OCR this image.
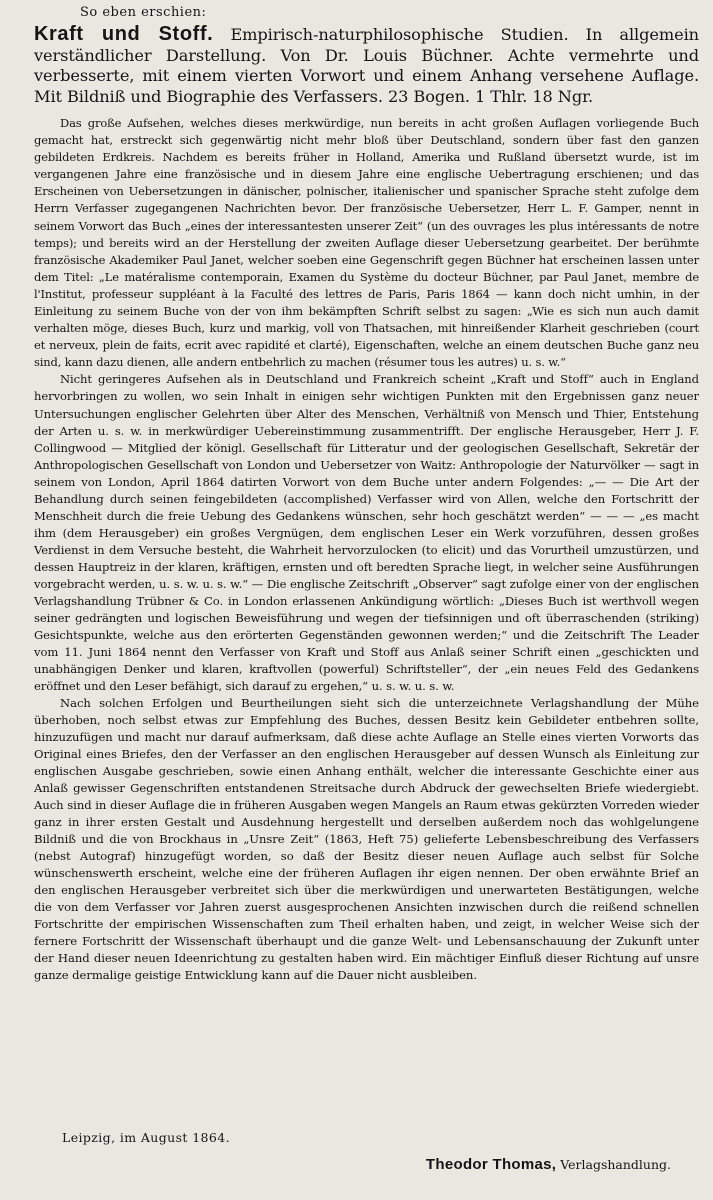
So eben erschien:
Kraft und Stoff. Empirisch-naturphilosophische Studien. In allgemein verständlicher Darstellung. Von Dr. Louis Büchner. Achte vermehrte und verbesserte, mit einem vierten Vorwort und einem Anhang versehene Auflage. Mit Bildniß und Biographie des Verfassers. 23 Bogen. 1 Thlr. 18 Ngr.

Das große Aufsehen, welches dieses merkwürdige, nun bereits in acht großen Auflagen vorliegende Buch gemacht hat, erstreckt sich gegenwärtig nicht mehr bloß über Deutschland, sondern über fast den ganzen gebildeten Erdkreis. Nachdem es bereits früher in Holland, Amerika und Rußland übersetzt wurde, ist im vergangenen Jahre eine französische und in diesem Jahre eine englische Uebertragung erschienen; und das Erscheinen von Uebersetzungen in dänischer, polnischer, italienischer und spanischer Sprache steht zufolge dem Herrn Verfasser zugegangenen Nachrichten bevor. Der französische Uebersetzer, Herr L. F. Gamper, nennt in seinem Vorwort das Buch „eines der interessantesten unserer Zeit“ (un des ouvrages les plus intéressants de notre temps); und bereits wird an der Herstellung der zweiten Auflage dieser Uebersetzung gearbeitet. Der berühmte französische Akademiker Paul Janet, welcher soeben eine Gegenschrift gegen Büchner hat erscheinen lassen unter dem Titel: „Le matéralisme contemporain, Examen du Système du docteur Büchner, par Paul Janet, membre de l'Institut, professeur suppléant à la Faculté des lettres de Paris, Paris 1864 — kann doch nicht umhin, in der Einleitung zu seinem Buche von der von ihm bekämpften Schrift selbst zu sagen: „Wie es sich nun auch damit verhalten möge, dieses Buch, kurz und markig, voll von Thatsachen, mit hinreißender Klarheit geschrieben (court et nerveux, plein de faits, ecrit avec rapidité et clarté), Eigenschaften, welche an einem deutschen Buche ganz neu sind, kann dazu dienen, alle andern entbehrlich zu machen (résumer tous les autres) u. s. w.“

Nicht geringeres Aufsehen als in Deutschland und Frankreich scheint „Kraft und Stoff“ auch in England hervorbringen zu wollen, wo sein Inhalt in einigen sehr wichtigen Punkten mit den Ergebnissen ganz neuer Untersuchungen englischer Gelehrten über Alter des Menschen, Verhältniß von Mensch und Thier, Entstehung der Arten u. s. w. in merkwürdiger Uebereinstimmung zusammentrifft. Der englische Herausgeber, Herr J. F. Collingwood — Mitglied der königl. Gesellschaft für Litteratur und der geologischen Gesellschaft, Sekretär der Anthropologischen Gesellschaft von London und Uebersetzer von Waitz: Anthropologie der Naturvölker — sagt in seinem von London, April 1864 datirten Vorwort von dem Buche unter andern Folgendes: „— — Die Art der Behandlung durch seinen feingebildeten (accomplished) Verfasser wird von Allen, welche den Fortschritt der Menschheit durch die freie Uebung des Gedankens wünschen, sehr hoch geschätzt werden“ — — — „es macht ihm (dem Herausgeber) ein großes Vergnügen, dem englischen Leser ein Werk vorzuführen, dessen großes Verdienst in dem Versuche besteht, die Wahrheit hervorzulocken (to elicit) und das Vorurtheil umzustürzen, und dessen Hauptreiz in der klaren, kräftigen, ernsten und oft beredten Sprache liegt, in welcher seine Ausführungen vorgebracht werden, u. s. w. u. s. w.“ — Die englische Zeitschrift „Observer“ sagt zufolge einer von der englischen Verlagshandlung Trübner & Co. in London erlassenen Ankündigung wörtlich: „Dieses Buch ist werthvoll wegen seiner gedrängten und logischen Beweisführung und wegen der tiefsinnigen und oft überraschenden (striking) Gesichtspunkte, welche aus den erörterten Gegenständen gewonnen werden;“ und die Zeitschrift The Leader vom 11. Juni 1864 nennt den Verfasser von Kraft und Stoff aus Anlaß seiner Schrift einen „geschickten und unabhängigen Denker und klaren, kraftvollen (powerful) Schriftsteller“, der „ein neues Feld des Gedankens eröffnet und den Leser befähigt, sich darauf zu ergehen,“ u. s. w. u. s. w.

Nach solchen Erfolgen und Beurtheilungen sieht sich die unterzeichnete Verlagshandlung der Mühe überhoben, noch selbst etwas zur Empfehlung des Buches, dessen Besitz kein Gebildeter entbehren sollte, hinzuzufügen und macht nur darauf aufmerksam, daß diese achte Auflage an Stelle eines vierten Vorworts das Original eines Briefes, den der Verfasser an den englischen Herausgeber auf dessen Wunsch als Einleitung zur englischen Ausgabe geschrieben, sowie einen Anhang enthält, welcher die interessante Geschichte einer aus Anlaß gewisser Gegenschriften entstandenen Streitsache durch Abdruck der gewechselten Briefe wiedergiebt. Auch sind in dieser Auflage die in früheren Ausgaben wegen Mangels an Raum etwas gekürzten Vorreden wieder ganz in ihrer ersten Gestalt und Ausdehnung hergestellt und derselben außerdem noch das wohlgelungene Bildniß und die von Brockhaus in „Unsre Zeit“ (1863, Heft 75) gelieferte Lebensbeschreibung des Verfassers (nebst Autograf) hinzugefügt worden, so daß der Besitz dieser neuen Auflage auch selbst für Solche wünschenswerth erscheint, welche eine der früheren Auflagen ihr eigen nennen. Der oben erwähnte Brief an den englischen Herausgeber verbreitet sich über die merkwürdigen und unerwarteten Bestätigungen, welche die von dem Verfasser vor Jahren zuerst ausgesprochenen Ansichten inzwischen durch die reißend schnellen Fortschritte der empirischen Wissenschaften zum Theil erhalten haben, und zeigt, in welcher Weise sich der fernere Fortschritt der Wissenschaft überhaupt und die ganze Welt- und Lebensanschauung der Zukunft unter der Hand dieser neuen Ideenrichtung zu gestalten haben wird. Ein mächtiger Einfluß dieser Richtung auf unsre ganze dermalige geistige Entwicklung kann auf die Dauer nicht ausbleiben.

Leipzig, im August 1864.
Theodor Thomas, Verlagshandlung.
